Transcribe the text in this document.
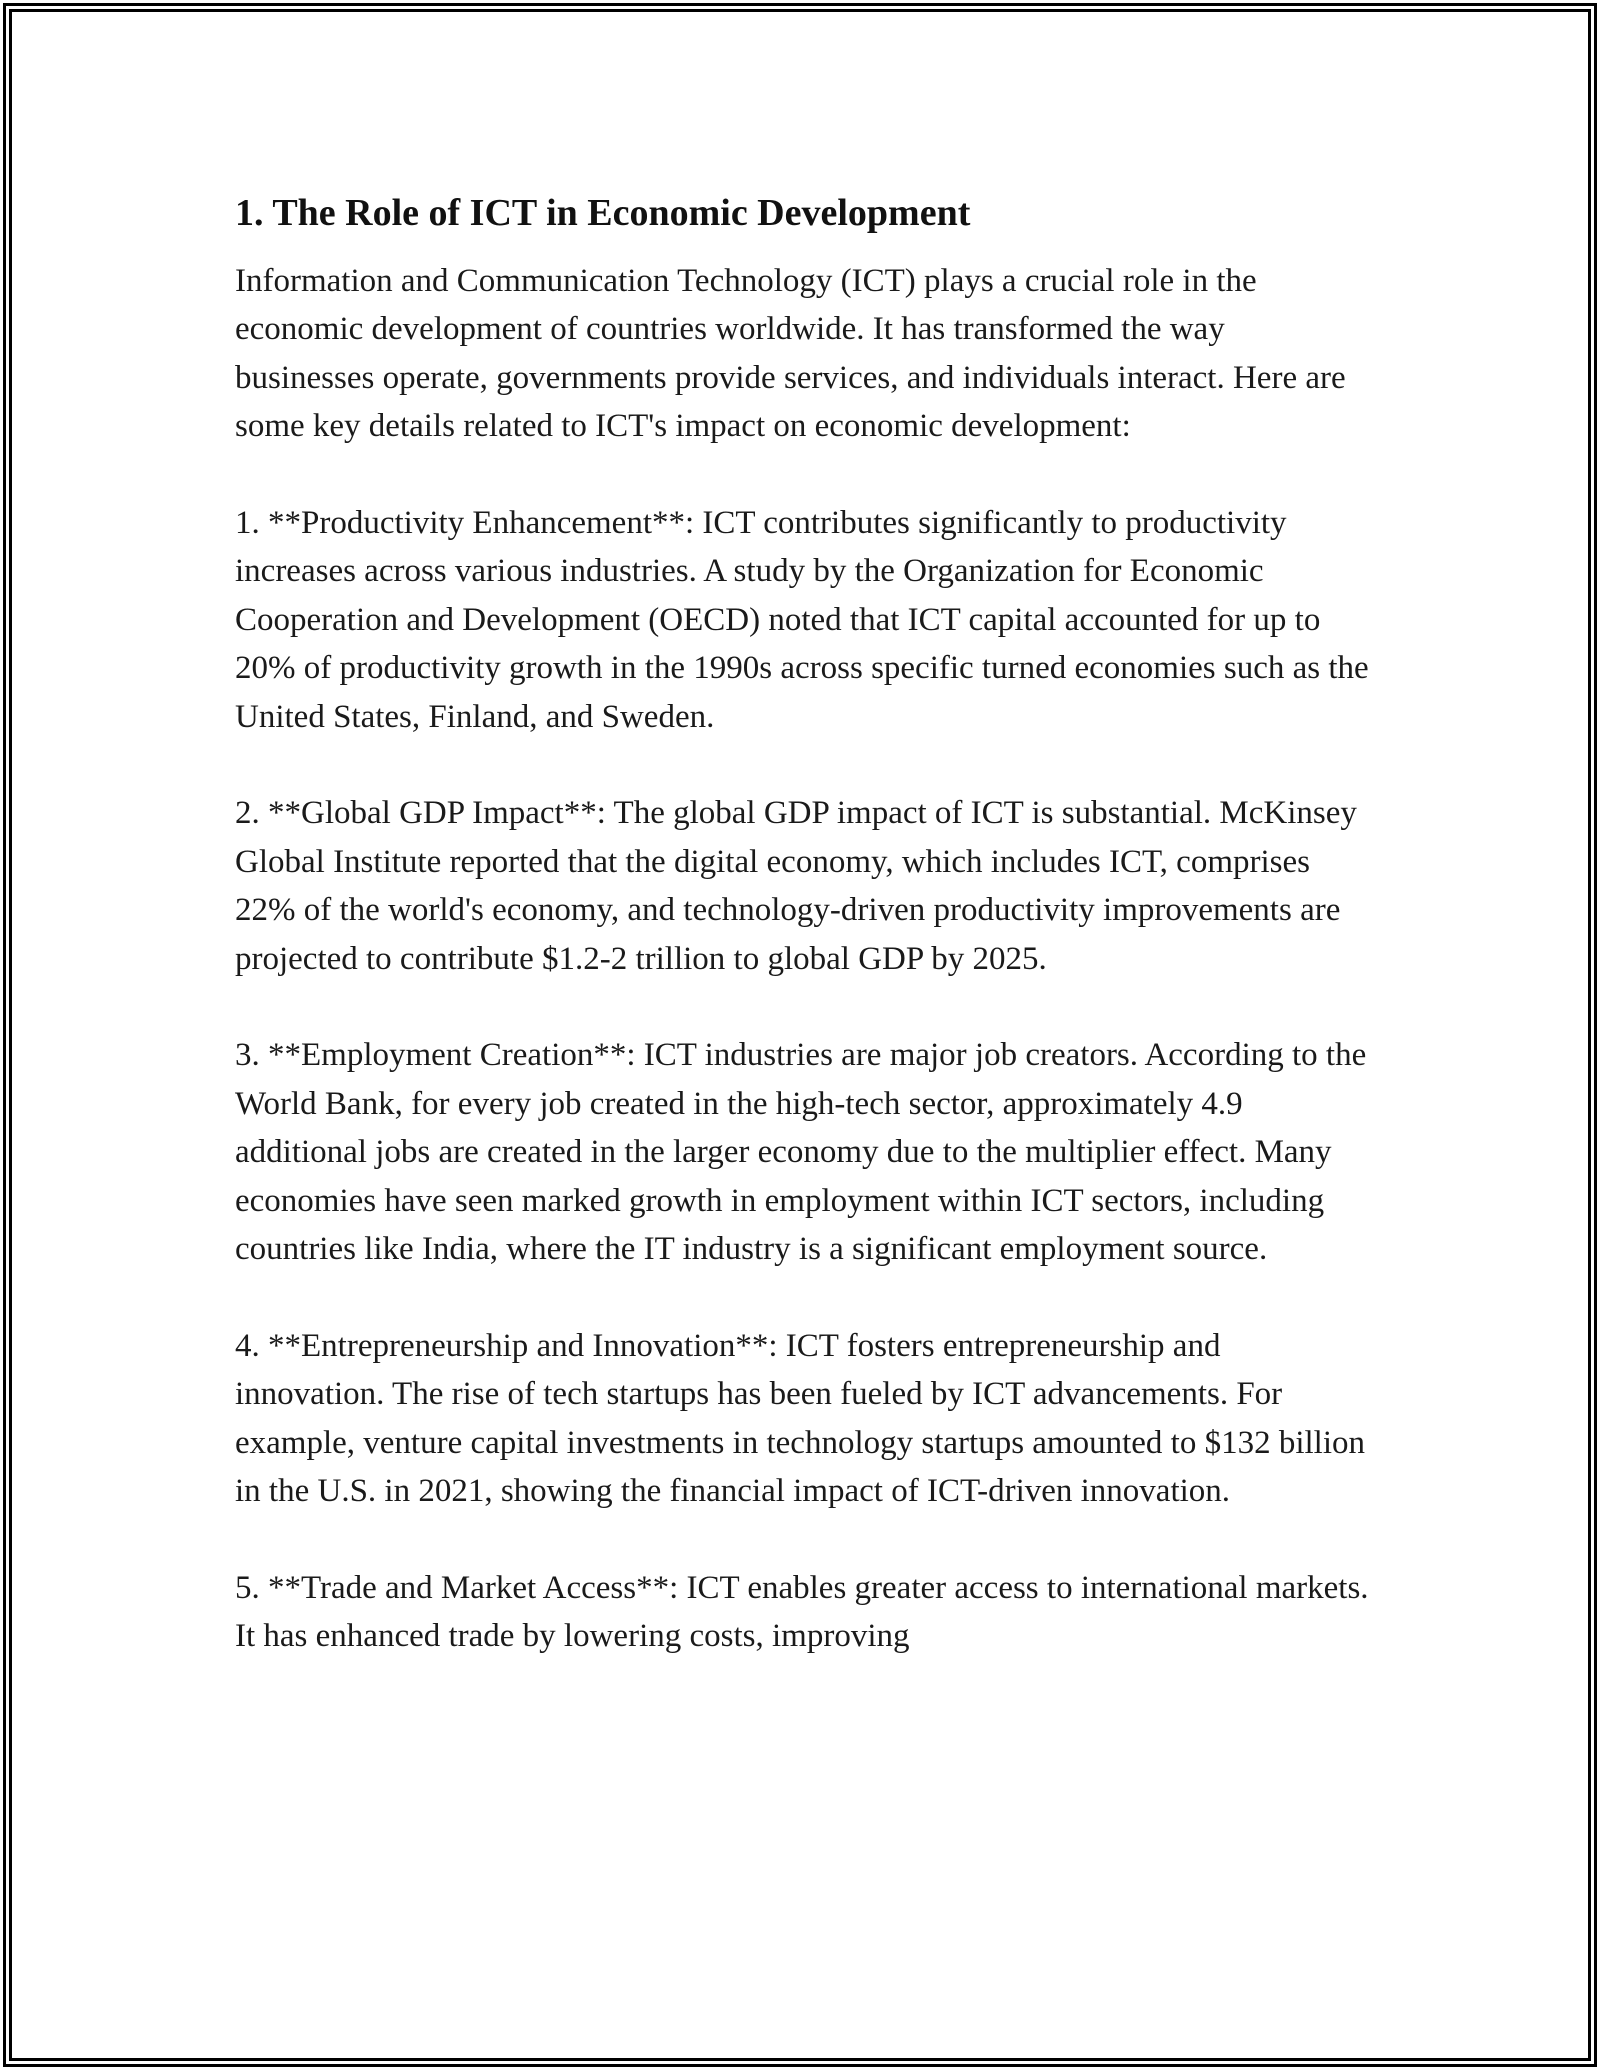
1. The Role of ICT in Economic Development

Information and Communication Technology (ICT) plays a crucial role in the economic development of countries worldwide. It has transformed the way businesses operate, governments provide services, and individuals interact. Here are some key details related to ICT's impact on economic development:

1. **Productivity Enhancement**: ICT contributes significantly to productivity increases across various industries. A study by the Organization for Economic Cooperation and Development (OECD) noted that ICT capital accounted for up to 20% of productivity growth in the 1990s across specific turned economies such as the United States, Finland, and Sweden.

2. **Global GDP Impact**: The global GDP impact of ICT is substantial. McKinsey Global Institute reported that the digital economy, which includes ICT, comprises 22% of the world's economy, and technology-driven productivity improvements are projected to contribute $1.2-2 trillion to global GDP by 2025.

3. **Employment Creation**: ICT industries are major job creators. According to the World Bank, for every job created in the high-tech sector, approximately 4.9 additional jobs are created in the larger economy due to the multiplier effect. Many economies have seen marked growth in employment within ICT sectors, including countries like India, where the IT industry is a significant employment source.

4. **Entrepreneurship and Innovation**: ICT fosters entrepreneurship and innovation. The rise of tech startups has been fueled by ICT advancements. For example, venture capital investments in technology startups amounted to $132 billion in the U.S. in 2021, showing the financial impact of ICT-driven innovation.

5. **Trade and Market Access**: ICT enables greater access to international markets. It has enhanced trade by lowering costs, improving
